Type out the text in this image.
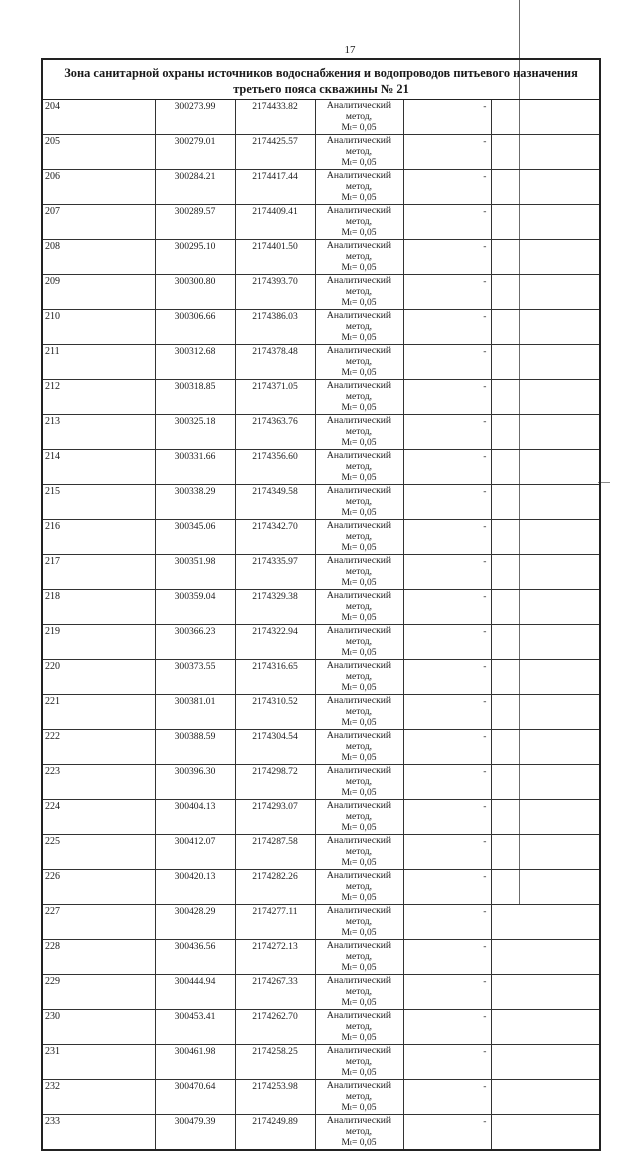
17
Зона санитарной охраны источников водоснабжения и водопроводов питьевого назначения третьего пояса скважины № 21					
204	300273.99	2174433.82	Аналитический метод,
Mt= 0,05	-	
205	300279.01	2174425.57	Аналитический метод,
Mt= 0,05	-	
206	300284.21	2174417.44	Аналитический метод,
Mt= 0,05	-	
207	300289.57	2174409.41	Аналитический метод,
Mt= 0,05	-	
208	300295.10	2174401.50	Аналитический метод,
Mt= 0,05	-	
209	300300.80	2174393.70	Аналитический метод,
Mt= 0,05	-	
210	300306.66	2174386.03	Аналитический метод,
Mt= 0,05	-	
211	300312.68	2174378.48	Аналитический метод,
Mt= 0,05	-	
212	300318.85	2174371.05	Аналитический метод,
Mt= 0,05	-	
213	300325.18	2174363.76	Аналитический метод,
Mt= 0,05	-	
214	300331.66	2174356.60	Аналитический метод,
Mt= 0,05	-	
215	300338.29	2174349.58	Аналитический метод,
Mt= 0,05	-	
216	300345.06	2174342.70	Аналитический метод,
Mt= 0,05	-	
217	300351.98	2174335.97	Аналитический метод,
Mt= 0,05	-	
218	300359.04	2174329.38	Аналитический метод,
Mt= 0,05	-	
219	300366.23	2174322.94	Аналитический метод,
Mt= 0,05	-	
220	300373.55	2174316.65	Аналитический метод,
Mt= 0,05	-	
221	300381.01	2174310.52	Аналитический метод,
Mt= 0,05	-	
222	300388.59	2174304.54	Аналитический метод,
Mt= 0,05	-	
223	300396.30	2174298.72	Аналитический метод,
Mt= 0,05	-	
224	300404.13	2174293.07	Аналитический метод,
Mt= 0,05	-	
225	300412.07	2174287.58	Аналитический метод,
Mt= 0,05	-	
226	300420.13	2174282.26	Аналитический метод,
Mt= 0,05	-	
227	300428.29	2174277.11	Аналитический метод,
Mt= 0,05	-	
228	300436.56	2174272.13	Аналитический метод,
Mt= 0,05	-	
229	300444.94	2174267.33	Аналитический метод,
Mt= 0,05	-	
230	300453.41	2174262.70	Аналитический метод,
Mt= 0,05	-	
231	300461.98	2174258.25	Аналитический метод,
Mt= 0,05	-	
232	300470.64	2174253.98	Аналитический метод,
Mt= 0,05	-	
233	300479.39	2174249.89	Аналитический метод,
Mt= 0,05	-	
